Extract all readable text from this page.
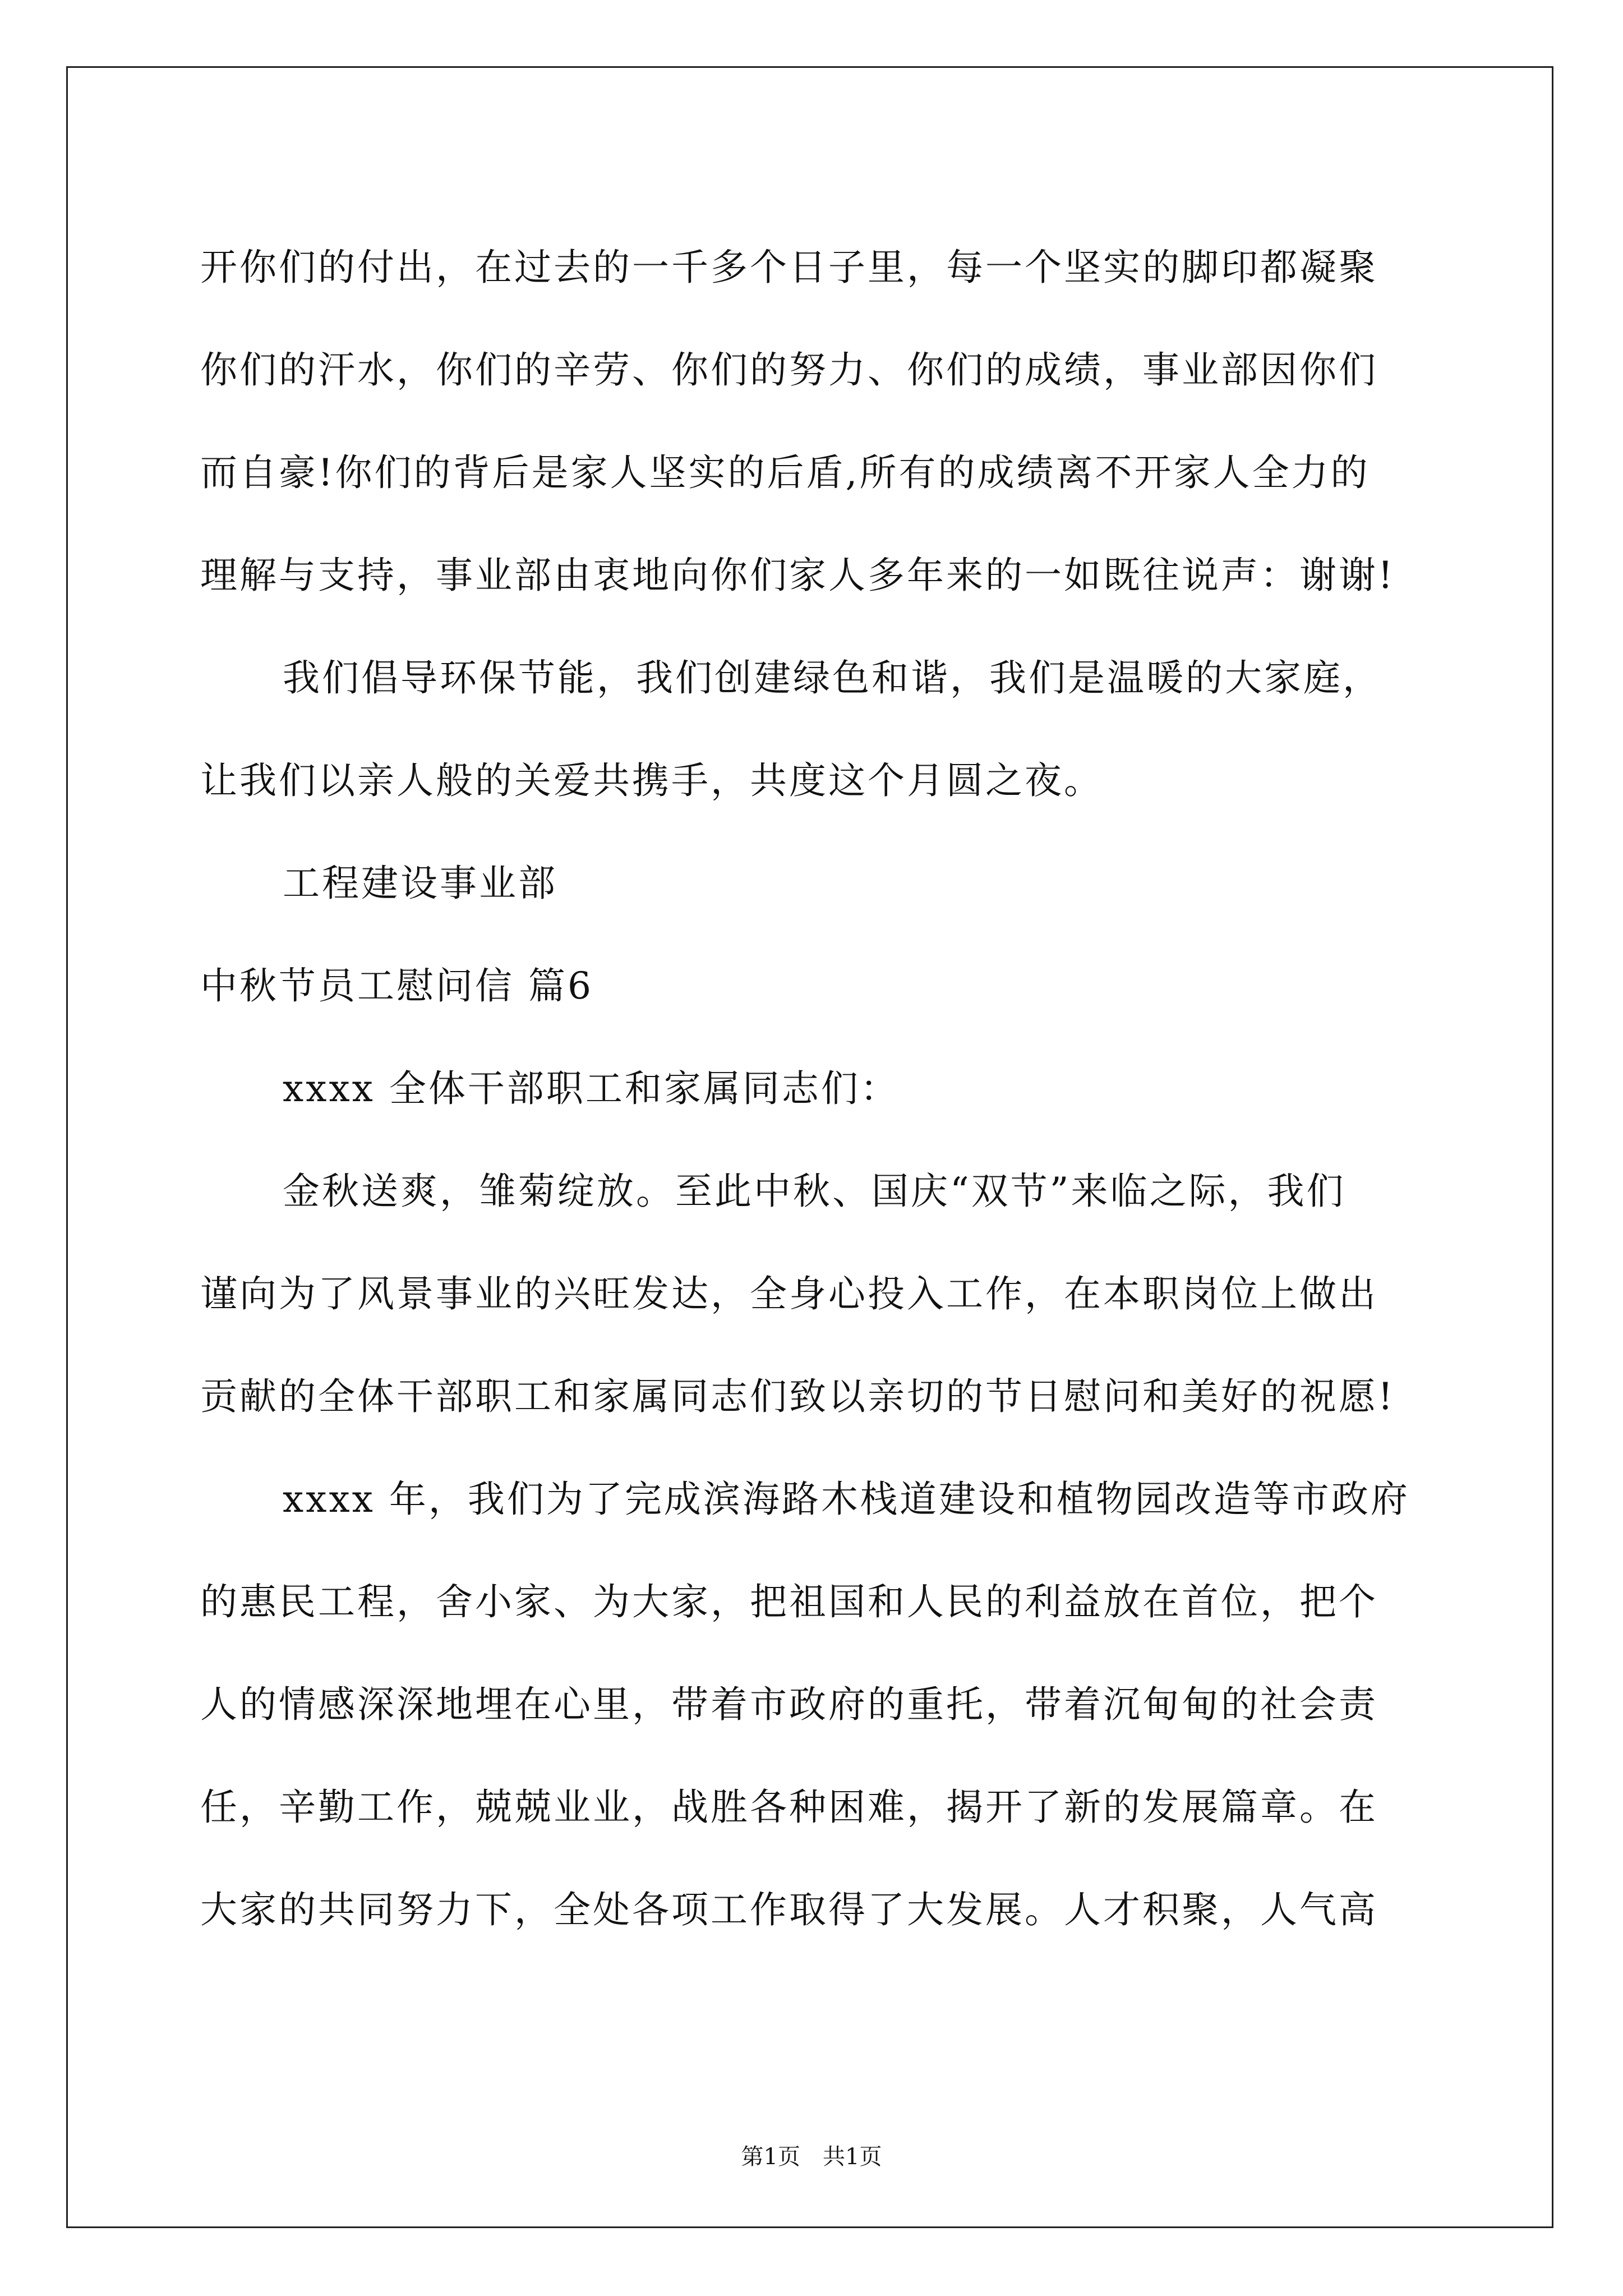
开你们的付出，在过去的一千多个日子里，每一个坚实的脚印都凝聚
你们的汗水，你们的辛劳、你们的努力、你们的成绩，事业部因你们
而自豪!你们的背后是家人坚实的后盾,所有的成绩离不开家人全力的
理解与支持，事业部由衷地向你们家人多年来的一如既往说声：谢谢!
我们倡导环保节能，我们创建绿色和谐，我们是温暖的大家庭，
让我们以亲人般的关爱共携手，共度这个月圆之夜。
工程建设事业部
中秋节员工慰问信 篇6
xxxx 全体干部职工和家属同志们：
金秋送爽，雏菊绽放。至此中秋、国庆“双节”来临之际，我们
谨向为了风景事业的兴旺发达，全身心投入工作，在本职岗位上做出
贡献的全体干部职工和家属同志们致以亲切的节日慰问和美好的祝愿!
xxxx 年，我们为了完成滨海路木栈道建设和植物园改造等市政府
的惠民工程，舍小家、为大家，把祖国和人民的利益放在首位，把个
人的情感深深地埋在心里，带着市政府的重托，带着沉甸甸的社会责
任，辛勤工作，兢兢业业，战胜各种困难，揭开了新的发展篇章。在
大家的共同努力下，全处各项工作取得了大发展。人才积聚，人气高
第1页　共1页
